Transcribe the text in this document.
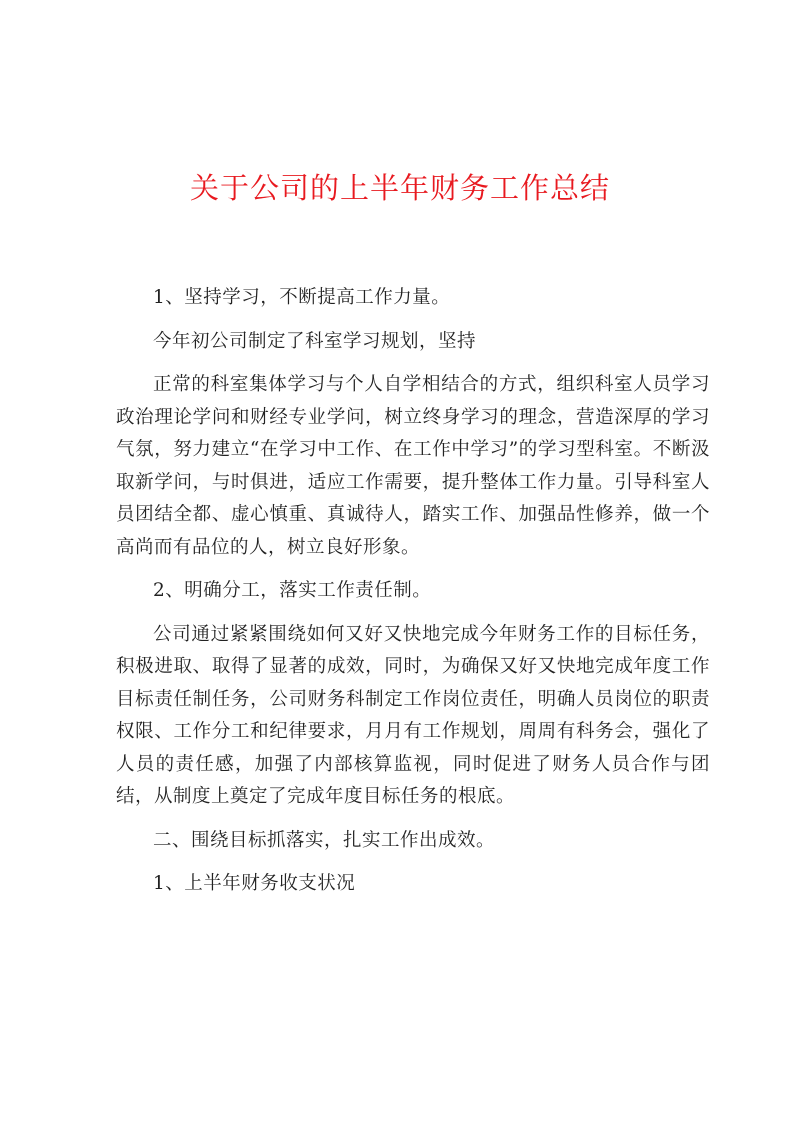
关于公司的上半年财务工作总结

1、坚持学习，不断提高工作力量。

今年初公司制定了科室学习规划，坚持

正常的科室集体学习与个人自学相结合的方式，组织科室人员学习政治理论学问和财经专业学问，树立终身学习的理念，营造深厚的学习气氛，努力建立“在学习中工作、在工作中学习”的学习型科室。不断汲取新学问，与时俱进，适应工作需要，提升整体工作力量。引导科室人员团结全都、虚心慎重、真诚待人，踏实工作、加强品性修养，做一个高尚而有品位的人，树立良好形象。

2、明确分工，落实工作责任制。

公司通过紧紧围绕如何又好又快地完成今年财务工作的目标任务，积极进取、取得了显著的成效，同时，为确保又好又快地完成年度工作目标责任制任务，公司财务科制定工作岗位责任，明确人员岗位的职责权限、工作分工和纪律要求，月月有工作规划，周周有科务会，强化了人员的责任感，加强了内部核算监视，同时促进了财务人员合作与团结，从制度上奠定了完成年度目标任务的根底。

二、围绕目标抓落实，扎实工作出成效。

1、上半年财务收支状况
